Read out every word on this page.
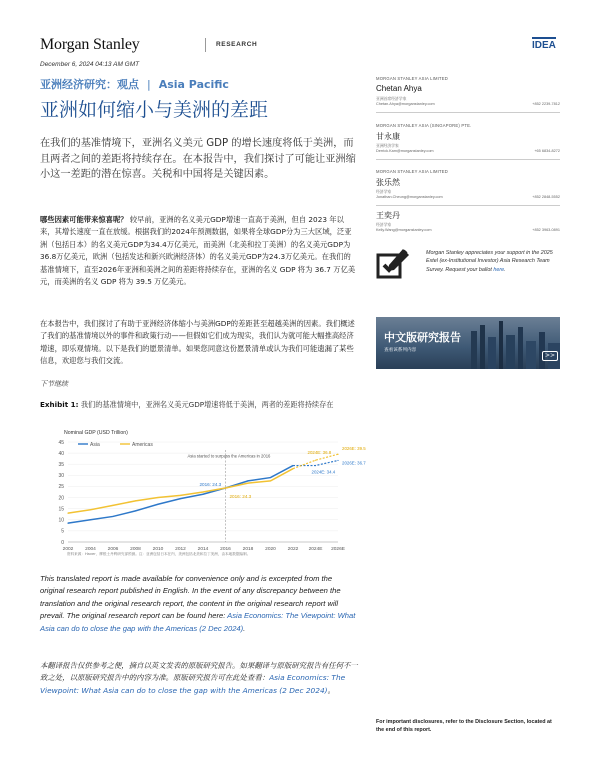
Morgan Stanley	RESEARCH	IDEA
December 6, 2024 04:13 AM GMT
亚洲经济研究：观点 | Asia Pacific
亚洲如何缩小与美洲的差距
在我们的基准情境下，亚洲名义美元 GDP 的增长速度将低于美洲，而且两者之间的差距将持续存在。在本报告中，我们探讨了可能让亚洲缩小这一差距的潜在惊喜。关税和中国将是关键因素。
哪些因素可能带来惊喜呢？ 较早前，亚洲的名义美元GDP增速一直高于美洲，但自 2023 年以来，其增长速度一直在放缓。根据我们的2024年预测数据，如果将全球GDP分为三大区域，泛亚洲（包括日本）的名义美元GDP为34.4万亿美元，而美洲（北美和拉丁美洲）的名义美元GDP为36.8万亿美元，欧洲（包括发达和新兴欧洲经济体）的名义美元GDP为24.3万亿美元。在我们的基准情境下，直至2026年亚洲和美洲之间的差距将持续存在，亚洲的名义 GDP 将为 36.7 万亿美元，而美洲的名义 GDP 将为 39.5 万亿美元。
在本报告中，我们探讨了有助于亚洲经济体缩小与美洲GDP的差距甚至超越美洲的因素。我们概述了我们的基准情境以外的事件和政策行动——但假如它们成为现实，我们认为就可能大幅推高经济增速，即乐观情境。以下是我们的愿景清单。如果您同意这份愿景清单或认为我们可能遗漏了某些信息，欢迎您与我们交流。
下节继续
Exhibit 1: 我们的基准情境中，亚洲名义美元GDP增速将低于美洲，两者的差距将持续存在
Nominal GDP (USD Trillion)
0
5
10
15
20
25
30
35
40
45
2002 2004 2006 2008 2010 2012 2014 2016 2018 2020 2022 2024E 2026E
Asia	Americas
2016: 24.3
2016: 24.3
2024E: 36.8
2026E: 39.5
2024E: 34.4
2026E: 36.7
Asia started to surpass the Americas in 2016
资料来源：Haver、摩根士丹利研究部预测。注：亚洲包括日本在内，美洲包括北美和拉丁美洲，由本地数据编制。
This translated report is made available for convenience only and is excerpted from the original research report published in English. In the event of any discrepancy between the translation and the original research report, the content in the original research report will prevail. The original research report can be found here: Asia Economics: The Viewpoint: What Asia can do to close the gap with the Americas (2 Dec 2024).
本翻译报告仅供参考之便，摘自以英文发表的原版研究报告。如果翻译与原版研究报告有任何不一致之处，以原版研究报告中的内容为准。原版研究报告可在此处查看：Asia Economics: The Viewpoint: What Asia can do to close the gap with the Americas (2 Dec 2024)。
MORGAN STANLEY ASIA LIMITED
Chetan Ahya
亚洲首席经济学家
Chetan.Ahya@morganstanley.com	+852 2239-7812
MORGAN STANLEY ASIA (SINGAPORE) PTE.
甘永康
亚洲经济学家
Derrick.Kam@morganstanley.com	+65 6834-8272
MORGAN STANLEY ASIA LIMITED
张乐然
经济学家
Jonathan.Cheung@morganstanley.com	+852 2848-5552
王奕丹
经济学家
Kelly.Wang@morganstanley.com	+852 3963-0891
Morgan Stanley appreciates your support in the 2025 Extel (ex-Institutional Investor) Asia Research Team Survey. Request your ballot here.
中文版研究报告
查看该系列内容
>>
For important disclosures, refer to the Disclosure Section, located at the end of this report.
